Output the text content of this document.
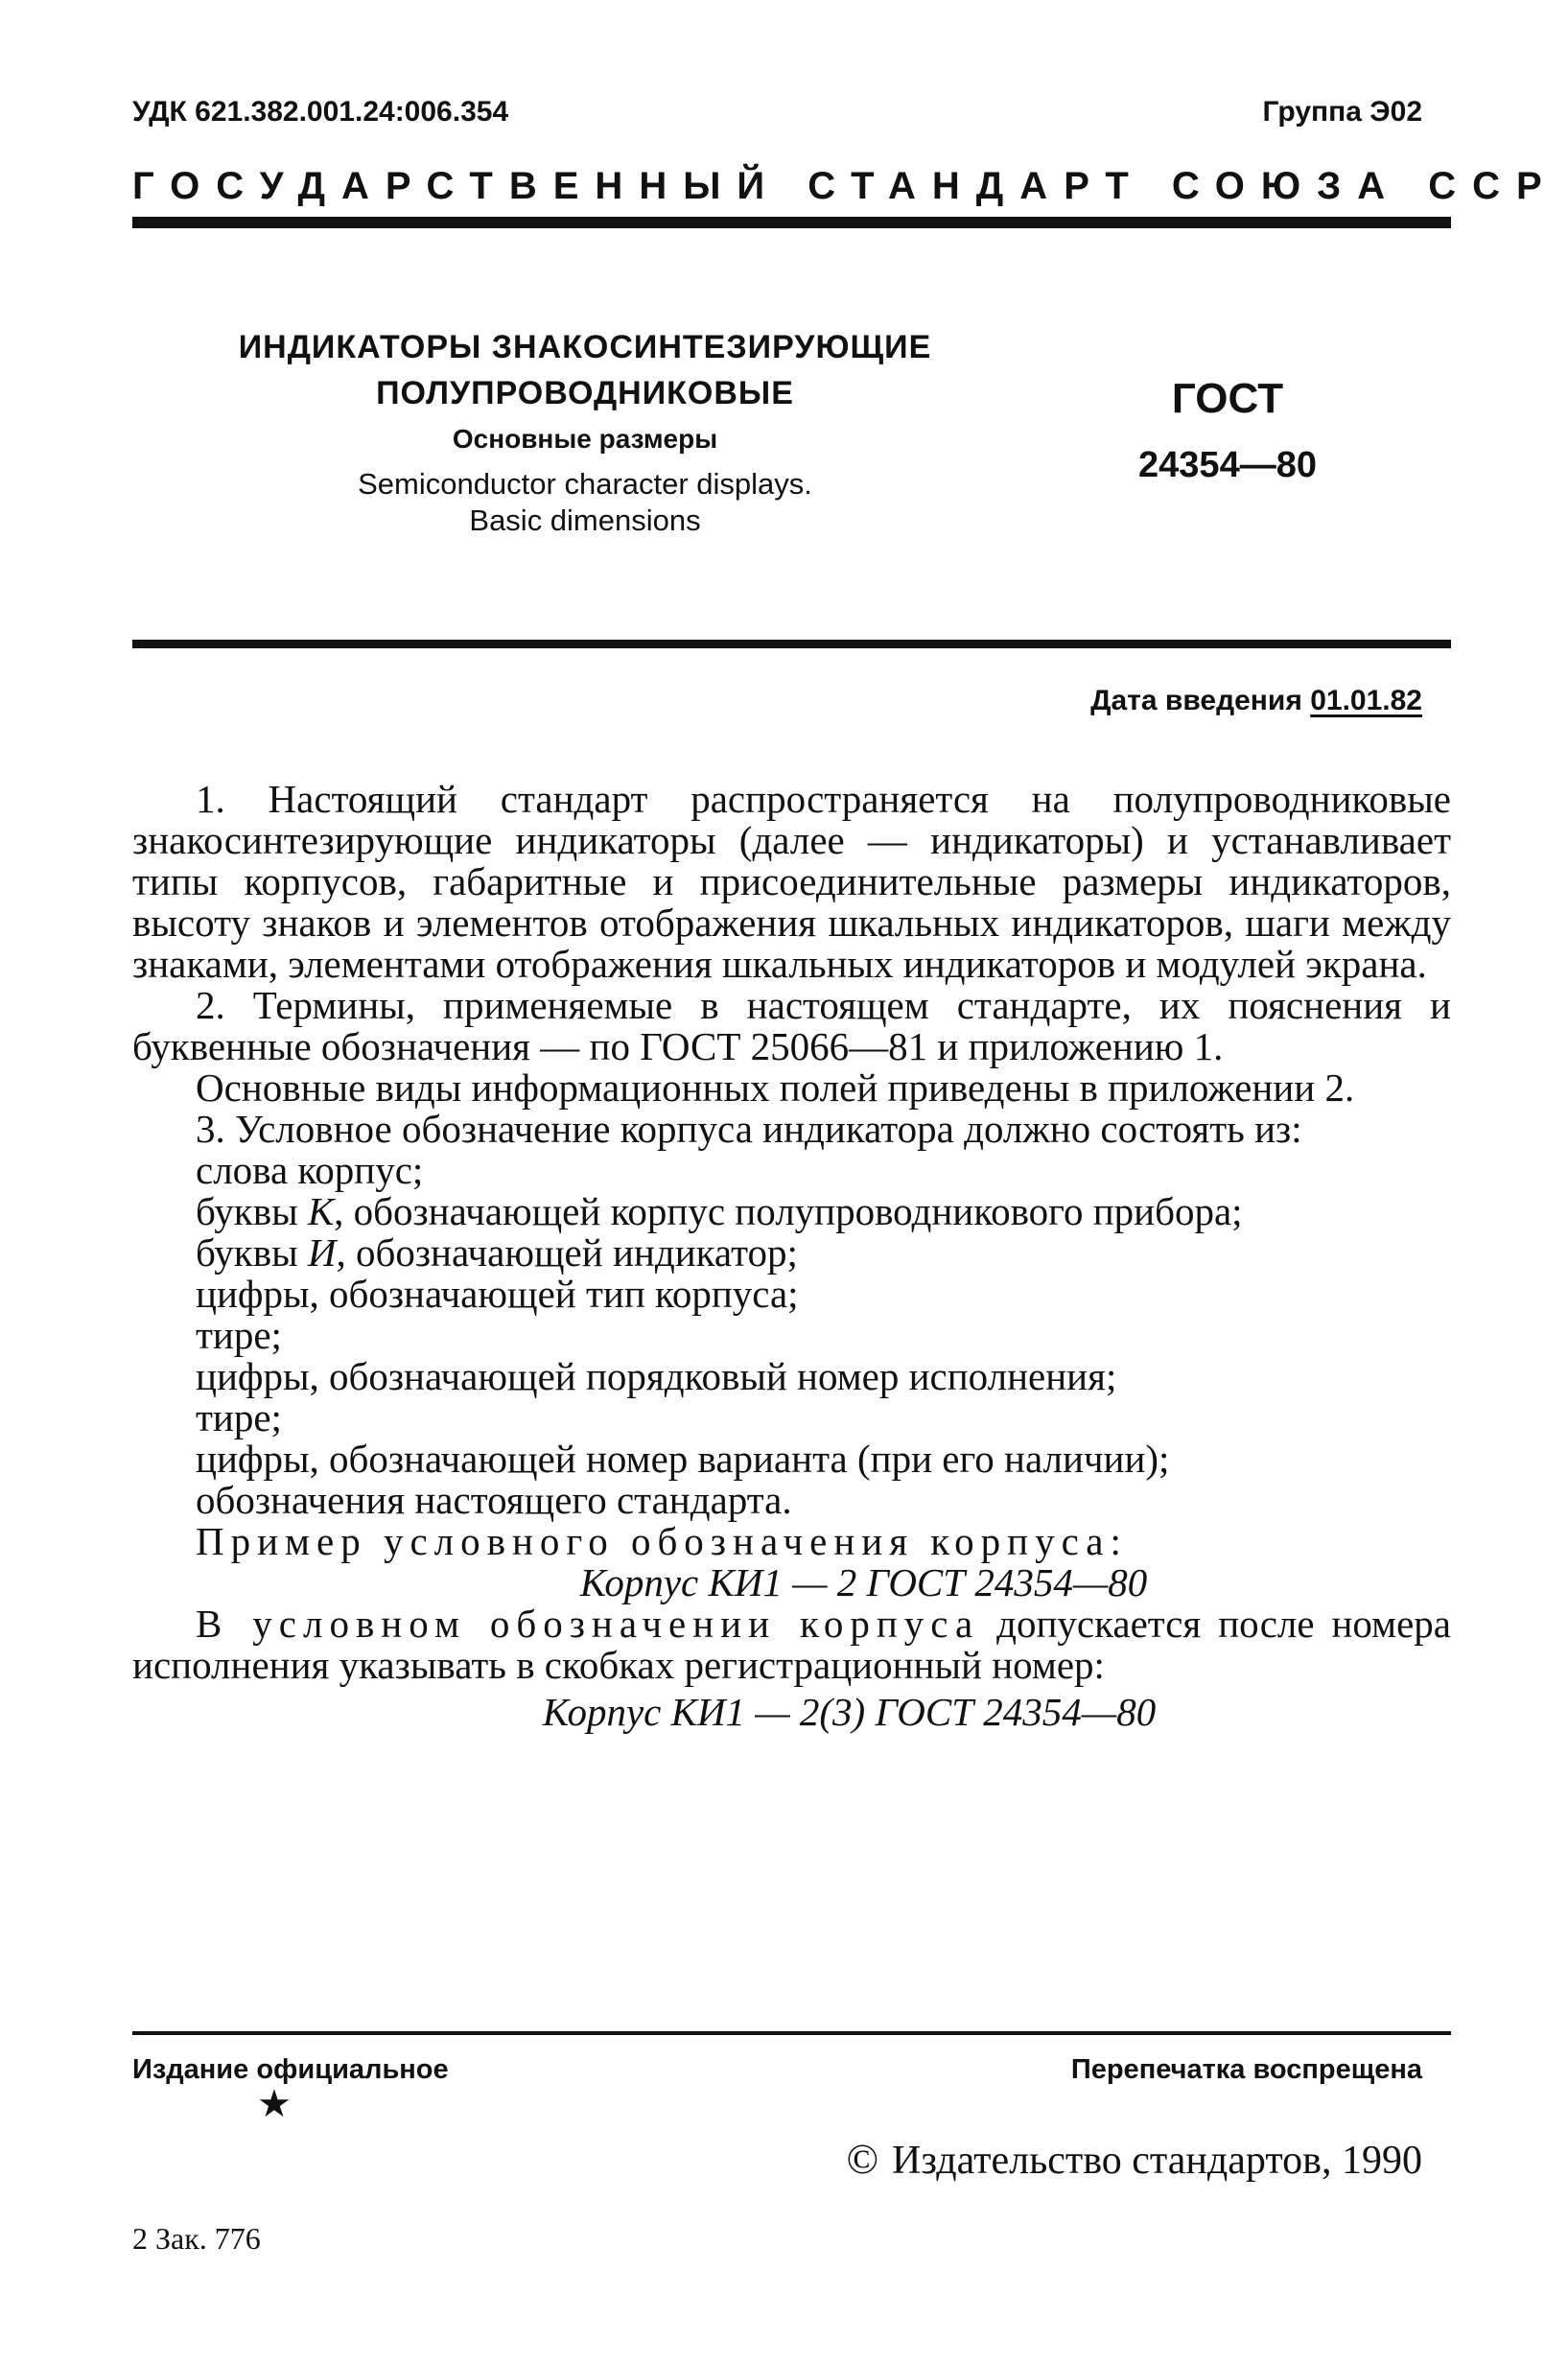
УДК 621.382.001.24:006.354	Группа Э02
ГОСУДАРСТВЕННЫЙ СТАНДАРТ СОЮЗА ССР
ИНДИКАТОРЫ ЗНАКОСИНТЕЗИРУЮЩИЕ
ПОЛУПРОВОДНИКОВЫЕ
Основные размеры
Semiconductor character displays.
Basic dimensions
ГОСТ
24354—80
Дата введения 01.01.82

1. Настоящий стандарт распространяется на полупроводниковые знакосинтезирующие индикаторы (далее — индикаторы) и устанавливает типы корпусов, габаритные и присоединительные размеры индикаторов, высоту знаков и элементов отображения шкальных индикаторов, шаги между знаками, элементами отображения шкальных индикаторов и модулей экрана.

2. Термины, применяемые в настоящем стандарте, их пояснения и буквенные обозначения — по ГОСТ 25066—81 и приложению 1.

Основные виды информационных полей приведены в приложении 2.

3. Условное обозначение корпуса индикатора должно состоять из:

слова корпус;

буквы К, обозначающей корпус полупроводникового прибора;

буквы И, обозначающей индикатор;

цифры, обозначающей тип корпуса;

тире;

цифры, обозначающей порядковый номер исполнения;

тире;

цифры, обозначающей номер варианта (при его наличии);

обозначения настоящего стандарта.

Пример условного обозначения корпуса:

Корпус КИ1 — 2 ГОСТ 24354—80

В условном обозначении корпуса допускается после номера исполнения указывать в скобках регистрационный номер:

Корпус КИ1 — 2(3) ГОСТ 24354—80

Издание официальное	Перепечатка воспрещена
★
© Издательство стандартов, 1990
2 Зак. 776
